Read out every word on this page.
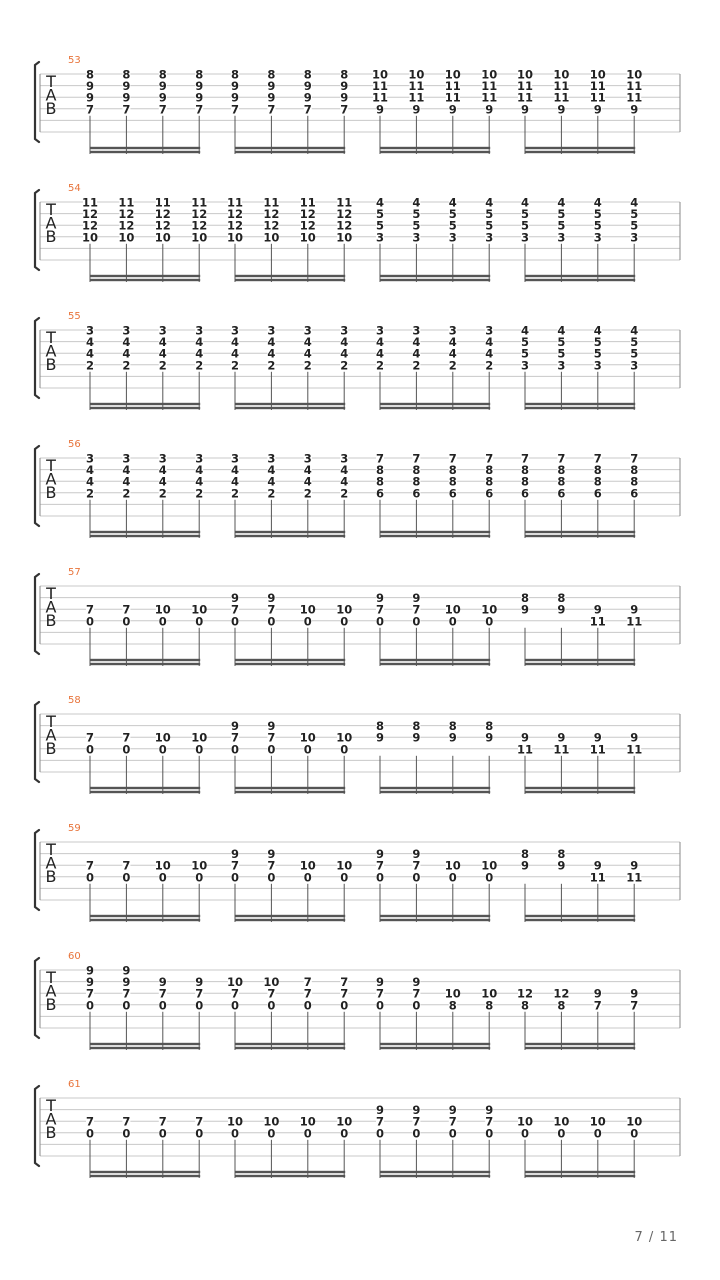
53
T
A
B
8
9
9
7
8
9
9
7
8
9
9
7
8
9
9
7
8
9
9
7
8
9
9
7
8
9
9
7
8
9
9
7
10
11
11
9
10
11
11
9
10
11
11
9
10
11
11
9
10
11
11
9
10
11
11
9
10
11
11
9
10
11
11
9
54
T
A
B
11
12
12
10
11
12
12
10
11
12
12
10
11
12
12
10
11
12
12
10
11
12
12
10
11
12
12
10
11
12
12
10
4
5
5
3
4
5
5
3
4
5
5
3
4
5
5
3
4
5
5
3
4
5
5
3
4
5
5
3
4
5
5
3
55
T
A
B
3
4
4
2
3
4
4
2
3
4
4
2
3
4
4
2
3
4
4
2
3
4
4
2
3
4
4
2
3
4
4
2
3
4
4
2
3
4
4
2
3
4
4
2
3
4
4
2
4
5
5
3
4
5
5
3
4
5
5
3
4
5
5
3
56
T
A
B
3
4
4
2
3
4
4
2
3
4
4
2
3
4
4
2
3
4
4
2
3
4
4
2
3
4
4
2
3
4
4
2
7
8
8
6
7
8
8
6
7
8
8
6
7
8
8
6
7
8
8
6
7
8
8
6
7
8
8
6
7
8
8
6
57
T
A
B
7
0
7
0
10
0
10
0
9
7
0
9
7
0
10
0
10
0
9
7
0
9
7
0
10
0
10
0
8
9
8
9 9
11
9
11
58
T
A
B
7
0
7
0
10
0
10
0
9
7
0
9
7
0
10
0
10
0
8
9
8
9
8
9
8
9 9
11
9
11
9
11
9
11
59
T
A
B
7
0
7
0
10
0
10
0
9
7
0
9
7
0
10
0
10
0
9
7
0
9
7
0
10
0
10
0
8
9
8
9 9
11
9
11
60
T
A
B
9
9
7
0
9
9
7
0
9
7
0
9
7
0
10
7
0
10
7
0
7
7
0
7
7
0
9
7
0
9
7
0
10
8
10
8
12
8
12
8
9
7
9
7
61
T
A
B
7
0
7
0
7
0
7
0
10
0
10
0
10
0
10
0
9
7
0
9
7
0
9
7
0
9
7
0
10
0
10
0
10
0
10
0
7 / 11
